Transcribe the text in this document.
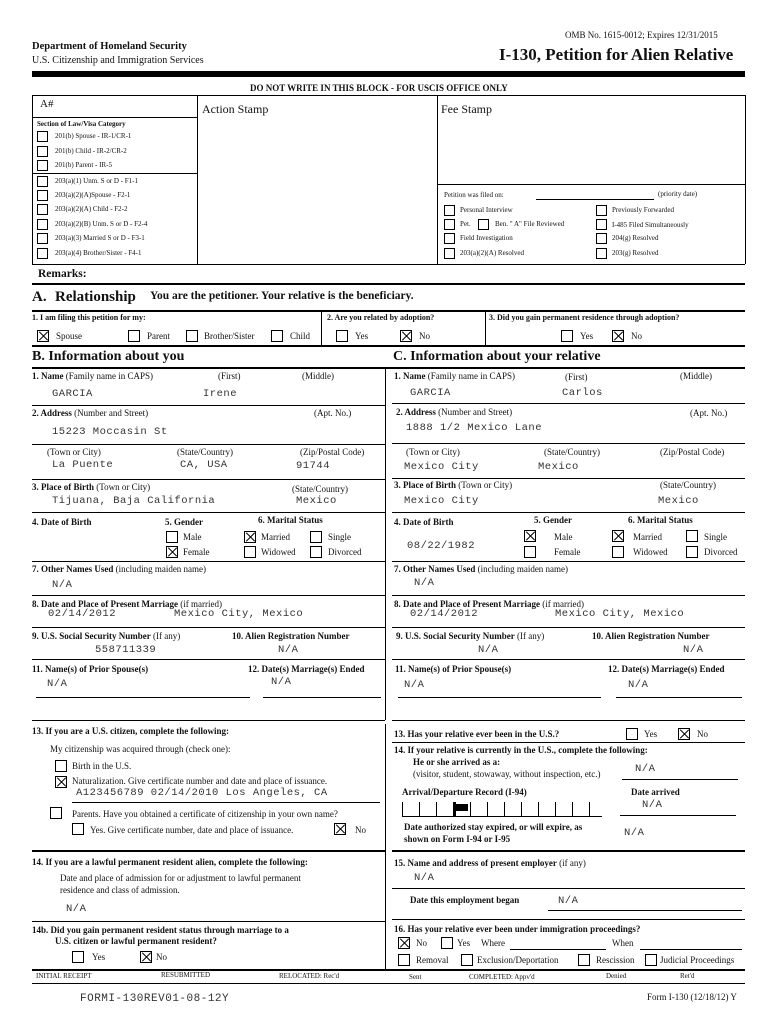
OMB No. 1615-0012; Expires 12/31/2015
Department of Homeland Security
U.S. Citizenship and Immigration Services	I-130, Petition for Alien Relative
DO NOT WRITE IN THIS BLOCK - FOR USCIS OFFICE ONLY
A#	Action Stamp	Fee Stamp
Section of Law/Visa Category
201(b) Spouse - IR-1/CR-1
201(b) Child - IR-2/CR-2
201(b) Parent - IR-5
203(a)(1) Unm. S or D - F1-1
203(a)(2)(A)Spouse - F2-1
203(a)(2)(A) Child - F2-2
203(a)(2)(B) Unm. S or D - F2-4
203(a)(3) Married S or D - F3-1
203(a)(4) Brother/Sister - F4-1
Petition was filed on:	(priority date)
Personal Interview	Previously Forwarded
Pet.	Ben. " A" File Reviewed	I-485 Filed Simultaneously
Field Investigation	204(g) Resolved
203(a)(2)(A) Resolved	203(g) Resolved
Remarks:
A. Relationship You are the petitioner. Your relative is the beneficiary.
1. I am filing this petition for my:	2. Are you related by adoption?	3. Did you gain permanent residence through adoption?
Spouse	Parent	Brother/Sister	Child	Yes	No	Yes	No
B. Information about you	C. Information about your relative
1. Name (Family name in CAPS)	(First)	(Middle)
GARCIA	Irene
2. Address (Number and Street)	(Apt. No.)
15223 Moccasin St
(Town or City)	(State/Country)	(Zip/Postal Code)
La Puente	CA, USA	91744
3. Place of Birth (Town or City)	(State/Country)
Tijuana, Baja California	Mexico
4. Date of Birth	5. Gender	6. Marital Status
Male
Female
Married	Single
Widowed	Divorced
7. Other Names Used (including maiden name)
N/A
8. Date and Place of Present Marriage (if married)
02/14/2012	Mexico City, Mexico
9. U.S. Social Security Number (If any)	10. Alien Registration Number
558711339	N/A
11. Name(s) of Prior Spouse(s)	12. Date(s) Marriage(s) Ended
N/A	N/A
13. If you are a U.S. citizen, complete the following:
My citizenship was acquired through (check one):
Birth in the U.S.
Naturalization. Give certificate number and date and place of issuance.
A123456789 02/14/2010 Los Angeles, CA
Parents. Have you obtained a certificate of citizenship in your own name?
Yes. Give certificate number, date and place of issuance.	No
14. If you are a lawful permanent resident alien, complete the following:
Date and place of admission for or adjustment to lawful permanent
residence and class of admission.
N/A
14b. Did you gain permanent resident status through marriage to a
U.S. citizen or lawful permanent resident?
Yes	No
1. Name (Family name in CAPS)	(First)	(Middle)
GARCIA	Carlos
2. Address (Number and Street)	(Apt. No.)
1888 1/2 Mexico Lane
(Town or City)	(State/Country)	(Zip/Postal Code)
Mexico City	Mexico
3. Place of Birth (Town or City)	(State/Country)
Mexico City	Mexico
4. Date of Birth	5. Gender	6. Marital Status
08/22/1982
Male
Female
Married	Single
Widowed	Divorced
7. Other Names Used (including maiden name)
N/A
8. Date and Place of Present Marriage (if married)
02/14/2012	Mexico City, Mexico
9. U.S. Social Security Number (If any)	10. Alien Registration Number
N/A	N/A
11. Name(s) of Prior Spouse(s)	12. Date(s) Marriage(s) Ended
N/A	N/A
13. Has your relative ever been in the U.S.?	Yes	No
14. If your relative is currently in the U.S., complete the following:
He or she arrived as a:
(visitor, student, stowaway, without inspection, etc.)	N/A
Arrival/Departure Record (I-94)	Date arrived
N/A
Date authorized stay expired, or will expire, as
shown on Form I-94 or I-95	N/A
15. Name and address of present employer (if any)
N/A
Date this employment began	N/A
16. Has your relative ever been under immigration proceedings?
No	Yes Where	When
Removal	Exclusion/Deportation	Rescission	Judicial Proceedings
INITIAL RECEIPT	RESUBMITTED	RELOCATED: Rec'd	Sent	COMPLETED: Appv'd	Denied	Ret'd
FORMI-130REV01-08-12Y	Form I-130 (12/18/12) Y
